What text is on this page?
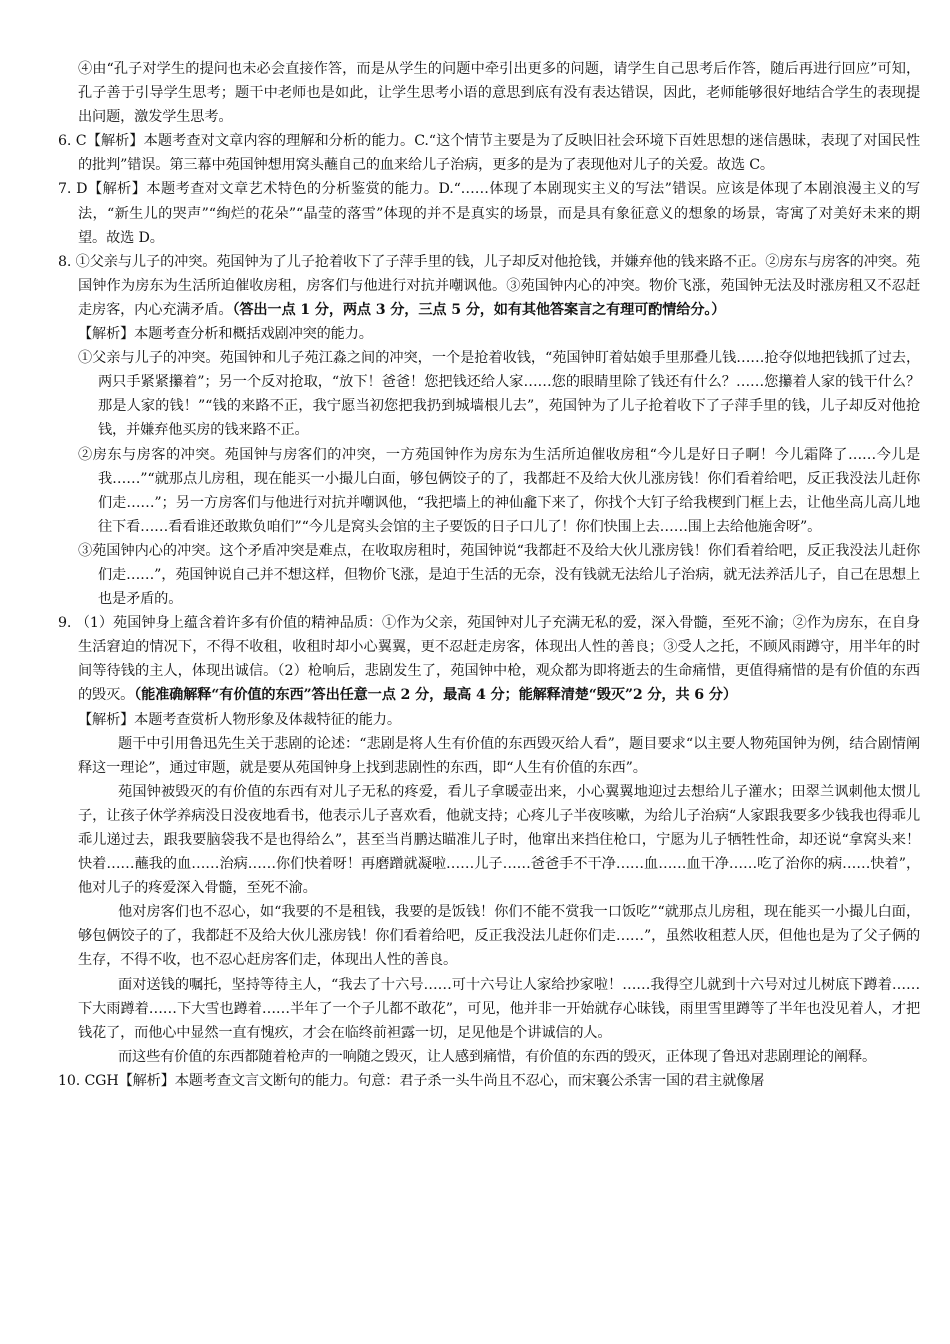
④由“孔子对学生的提问也未必会直接作答，而是从学生的问题中牵引出更多的问题，请学生自己思考后作答，随后再进行回应”可知，孔子善于引导学生思考；题干中老师也是如此，让学生思考小语的意思到底有没有表达错误，因此，老师能够很好地结合学生的表现提出问题，激发学生思考。

6. C【解析】本题考查对文章内容的理解和分析的能力。C.“这个情节主要是为了反映旧社会环境下百姓思想的迷信愚昧，表现了对国民性的批判”错误。第三幕中苑国钟想用窝头蘸自己的血来给儿子治病，更多的是为了表现他对儿子的关爱。故选 C。

7. D【解析】本题考查对文章艺术特色的分析鉴赏的能力。D.“……体现了本剧现实主义的写法”错误。应该是体现了本剧浪漫主义的写法，“新生儿的哭声”“绚烂的花朵”“晶莹的落雪”体现的并不是真实的场景，而是具有象征意义的想象的场景，寄寓了对美好未来的期望。故选 D。

8. ①父亲与儿子的冲突。苑国钟为了儿子抢着收下了子萍手里的钱，儿子却反对他抢钱，并嫌弃他的钱来路不正。②房东与房客的冲突。苑国钟作为房东为生活所迫催收房租，房客们与他进行对抗并嘲讽他。③苑国钟内心的冲突。物价飞涨，苑国钟无法及时涨房租又不忍赶走房客，内心充满矛盾。（答出一点 1 分，两点 3 分，三点 5 分，如有其他答案言之有理可酌情给分。）

【解析】本题考查分析和概括戏剧冲突的能力。

①父亲与儿子的冲突。苑国钟和儿子苑江淼之间的冲突，一个是抢着收钱，“苑国钟盯着姑娘手里那叠儿钱……抢夺似地把钱抓了过去，两只手紧紧攥着”；另一个反对抢取，“放下！爸爸！您把钱还给人家……您的眼睛里除了钱还有什么？……您攥着人家的钱干什么？那是人家的钱！”“钱的来路不正，我宁愿当初您把我扔到城墙根儿去”，苑国钟为了儿子抢着收下了子萍手里的钱，儿子却反对他抢钱，并嫌弃他买房的钱来路不正。

②房东与房客的冲突。苑国钟与房客们的冲突，一方苑国钟作为房东为生活所迫催收房租“今儿是好日子啊！今儿霜降了……今儿是我……”“就那点儿房租，现在能买一小撮儿白面，够包俩饺子的了，我都赶不及给大伙儿涨房钱！你们看着给吧，反正我没法儿赶你们走……”；另一方房客们与他进行对抗并嘲讽他，“我把墙上的神仙龕下来了，你找个大钉子给我楔到门框上去，让他坐高儿高儿地往下看……看看谁还敢欺负咱们”“今儿是窝头会馆的主子要饭的日子口儿了！你们快围上去……围上去给他施舍呀”。

③苑国钟内心的冲突。这个矛盾冲突是难点，在收取房租时，苑国钟说“我都赶不及给大伙儿涨房钱！你们看着给吧，反正我没法儿赶你们走……”，苑国钟说自己并不想这样，但物价飞涨，是迫于生活的无奈，没有钱就无法给儿子治病，就无法养活儿子，自己在思想上也是矛盾的。

9. （1）苑国钟身上蕴含着许多有价值的精神品质：①作为父亲，苑国钟对儿子充满无私的爱，深入骨髓，至死不渝；②作为房东，在自身生活窘迫的情况下，不得不收租，收租时却小心翼翼，更不忍赶走房客，体现出人性的善良；③受人之托，不顾风雨蹲守，用半年的时间等待钱的主人，体现出诚信。（2）枪响后，悲剧发生了，苑国钟中枪，观众都为即将逝去的生命痛惜，更值得痛惜的是有价值的东西的毁灭。（能准确解释“有价值的东西”答出任意一点 2 分，最高 4 分；能解释清楚“毁灭”2 分，共 6 分）

【解析】本题考查赏析人物形象及体裁特征的能力。

题干中引用鲁迅先生关于悲剧的论述：“悲剧是将人生有价值的东西毁灭给人看”，题目要求“以主要人物苑国钟为例，结合剧情阐释这一理论”，通过审题，就是要从苑国钟身上找到悲剧性的东西，即“人生有价值的东西”。

苑国钟被毁灭的有价值的东西有对儿子无私的疼爱，看儿子拿暖壶出来，小心翼翼地迎过去想给儿子灌水；田翠兰讽刺他太惯儿子，让孩子休学养病没日没夜地看书，他表示儿子喜欢看，他就支持；心疼儿子半夜咳嗽，为给儿子治病“人家跟我要多少钱我也得乖儿乖儿递过去，跟我要脑袋我不是也得给么”，甚至当肖鹏达瞄准儿子时，他窜出来挡住枪口，宁愿为儿子牺牲性命，却还说“拿窝头来！快着……蘸我的血……治病……你们快着呀！再磨蹭就凝啦……儿子……爸爸手不干净……血……血干净……吃了治你的病……快着”，他对儿子的疼爱深入骨髓，至死不渝。

他对房客们也不忍心，如“我要的不是租钱，我要的是饭钱！你们不能不赏我一口饭吃”“就那点儿房租，现在能买一小撮儿白面，够包俩饺子的了，我都赶不及给大伙儿涨房钱！你们看着给吧，反正我没法儿赶你们走……”，虽然收租惹人厌，但他也是为了父子俩的生存，不得不收，也不忍心赶房客们走，体现出人性的善良。

面对送钱的嘱托，坚持等待主人，“我去了十六号……可十六号让人家给抄家啦！……我得空儿就到十六号对过儿树底下蹲着……下大雨蹲着……下大雪也蹲着……半年了一个子儿都不敢花”，可见，他并非一开始就存心昧钱，雨里雪里蹲等了半年也没见着人，才把钱花了，而他心中显然一直有愧疚，才会在临终前袒露一切，足见他是个讲诚信的人。

而这些有价值的东西都随着枪声的一响随之毁灭，让人感到痛惜，有价值的东西的毁灭，正体现了鲁迅对悲剧理论的阐释。

10. CGH【解析】本题考查文言文断句的能力。句意：君子杀一头牛尚且不忍心，而宋襄公杀害一国的君主就像屠
